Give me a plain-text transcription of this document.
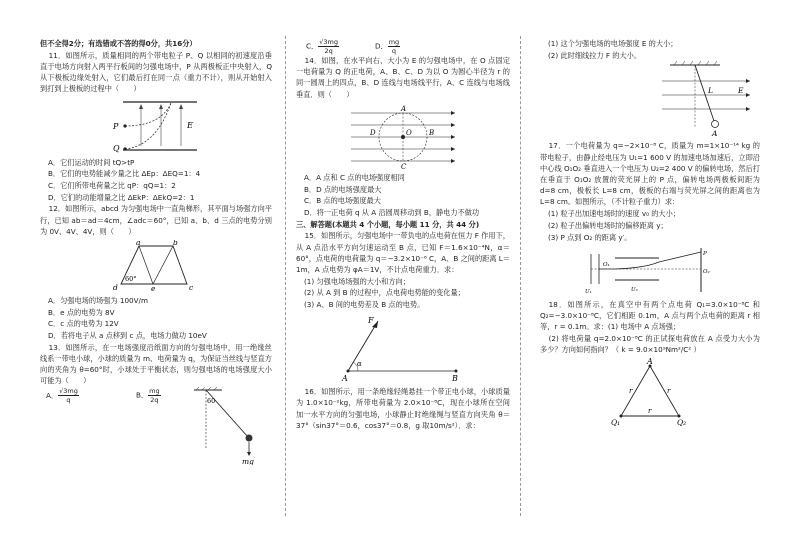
但不全得2分；有选错或不答的得0分，共16分）

11．如图所示，质量相同的两个带电粒子 P、Q 以相同的初速度沿垂直于电场方向射入两平行板间的匀强电场中，P 从两极板正中央射入，Q 从下极板边缘处射入，它们最后打在同一点（重力不计），则从开始射入到打到上极板的过程中（　　）

P
Q
E

A．它们运动的时间 tQ>tP

B．它们的电势能减少量之比 ΔEp：ΔEQ=1：4

C．它们所带电荷量之比 qP：qQ=1：2

D．它们的动能增量之比 ΔEkP：ΔEkQ=2：1

12．如图所示，abcd 为匀强电场中一直角梯形，其平面与场强方向平行，已知 ab＝ad＝4cm，∠adc＝60°，已知 a、b、d 三点的电势分别为 0V、4V、4V，则（　　）

a	b
c
d	e
60°

A．匀强电场的场强为 100V/m

B．e 点的电势为 8V

C．c 点的电势为 12V

D．若将电子从 a 点移到 c 点，电场力做功 10eV

13．如图所示，在一电场强度沿纸面方向的匀强电场中，用一绝缘丝线系一带电小球，小球的质量为 m、电荷量为 q，为保证当丝线与竖直方向的夹角为 θ=60°时，小球处于平衡状态，则匀强电场的电场强度大小可能为（　　）

A． $\frac{√3mg}{q}$	B． $\frac{mg}{2q}$	60
mg
C． $\frac{√3mg}{2q}$	D． $\frac{mg}{q}$

14．如图，在水平向右、大小为 E 的匀强电场中，在 O 点固定一电荷量为 Q 的正电荷，A、B、C、D 为以 O 为圆心半径为 r 的同一圆周上的四点，B、D 连线与电场线平行，A、C 连线与电场线垂直．则（　　）

A
B
C
D	O

A．A 点和 C 点的电场强度相同

B．D 点的电场强度最大

C．B 点的电场强度最大

D．将一正电荷 q 从 A 沿圆周移动到 B，静电力不做功

三、解答题(本题共 4 个小题，每小题 11 分，共 44 分)

15．如图所示，匀强电场中一带负电的点电荷在恒力 F 作用下，从 A 点沿水平方向匀速运动至 B 点，已知 F＝1.6×10⁻⁴N，α＝60°，点电荷的电荷量为 q＝−3.2×10⁻⁶ C，A、B 之间的距离 L＝1m，A 点电势为 φA＝1V，不计点电荷重力．求：

(1) 匀强电场场强的大小和方向；

(2) 从 A 到 B 的过程中，点电荷电势能的变化量；

(3) A、B 间的电势差及 B 点的电势。

F
α
A	B

16．如图所示，用一条绝缘轻绳悬挂一个带正电小球，小球质量为 1.0×10⁻²kg，所带电荷量为 2.0×10⁻⁸C，现在小球所在空间加一水平方向的匀强电场，小球静止时绝缘绳与竖直方向夹角 θ＝37°（sin37°＝0.6，cos37°＝0.8，g 取10m/s²）．求：

(1) 这个匀强电场的电场强度 E 的大小；

(2) 此时细线拉力 F 的大小。

L	E
A

17．一个电荷量为 q=−2×10⁻⁸ C，质量为 m=1×10⁻¹⁴ kg 的带电粒子，由静止经电压为 U₁=1 600 V 的加速电场加速后，立即沿中心线 O₁O₂ 垂直进入一个电压为 U₂=2 400 V 的偏转电场，然后打在垂直于 O₁O₂ 放置的荧光屏上的 P 点，偏转电场两极板间距为 d=8 cm，极板长 L=8 cm，极板的右端与荧光屏之间的距离也为 L=8 cm。如图所示，（不计粒子重力）求：

(1) 粒子出加速电场时的速度 v₀ 的大小；

(2) 粒子出偏转电场时的偏移距离 y；

(3) P 点到 O₂ 的距离 y′。

O₁
O₂
P
U₁	U₂

18．如图所示，在真空中有两个点电荷 Q₁=3.0×10⁻⁸C 和 Q₂=−3.0×10⁻⁸C，它们相距 0.1m，A 点与两个点电荷的距离 r 相等，r = 0.1m。求：(1) 电场中 A 点场强；

(2) 将电荷量 q=2.0×10⁻⁸C 的正试探电荷放在 A 点受力大小为多少？方向如何指向？（ k = 9.0×10⁹Nm²/C² ）

A
Q₁	Q₂
r	r
r
